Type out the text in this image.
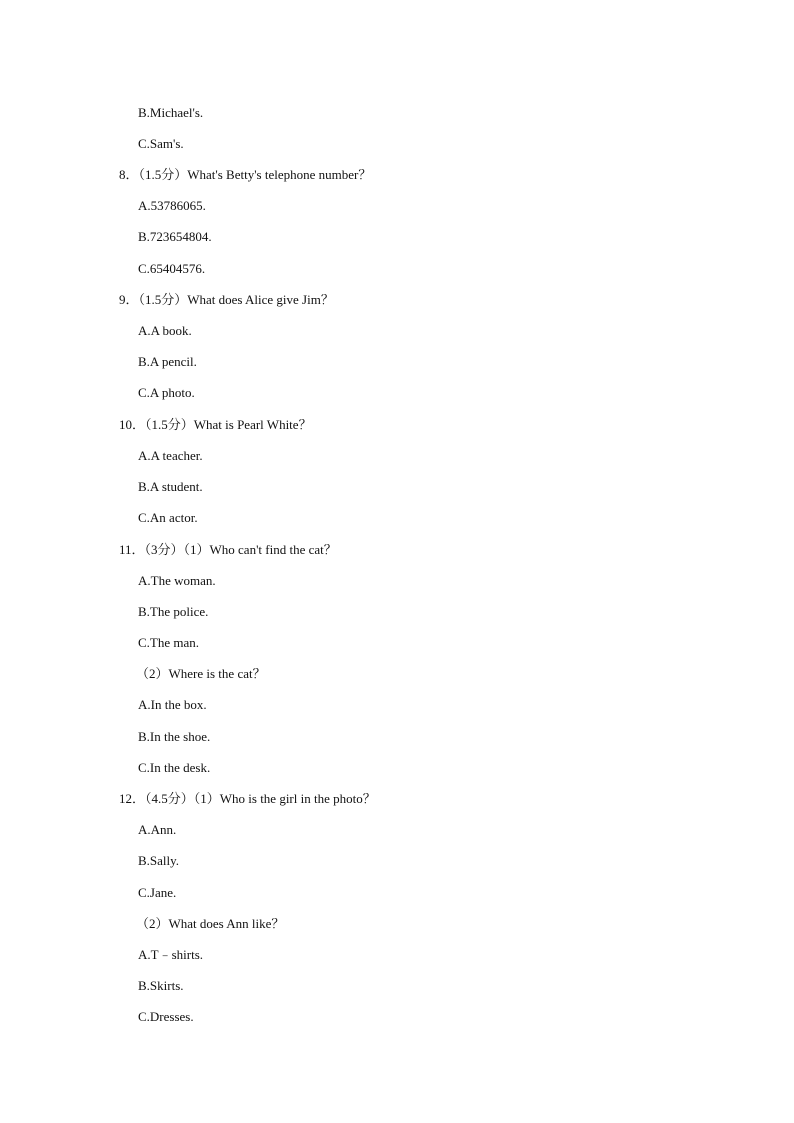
B.Michael's.
C.Sam's.
8．（1.5分）What's Betty's telephone number？
A.53786065.
B.723654804.
C.65404576.
9．（1.5分）What does Alice give Jim？
A.A book.
B.A pencil.
C.A photo.
10．（1.5分）What is Pearl White？
A.A teacher.
B.A student.
C.An actor.
11．（3分）（1）Who can't find the cat？
A.The woman.
B.The police.
C.The man.
（2）Where is the cat？
A.In the box.
B.In the shoe.
C.In the desk.
12．（4.5分）（1）Who is the girl in the photo？
A.Ann.
B.Sally.
C.Jane.
（2）What does Ann like？
A.T﹣shirts.
B.Skirts.
C.Dresses.
